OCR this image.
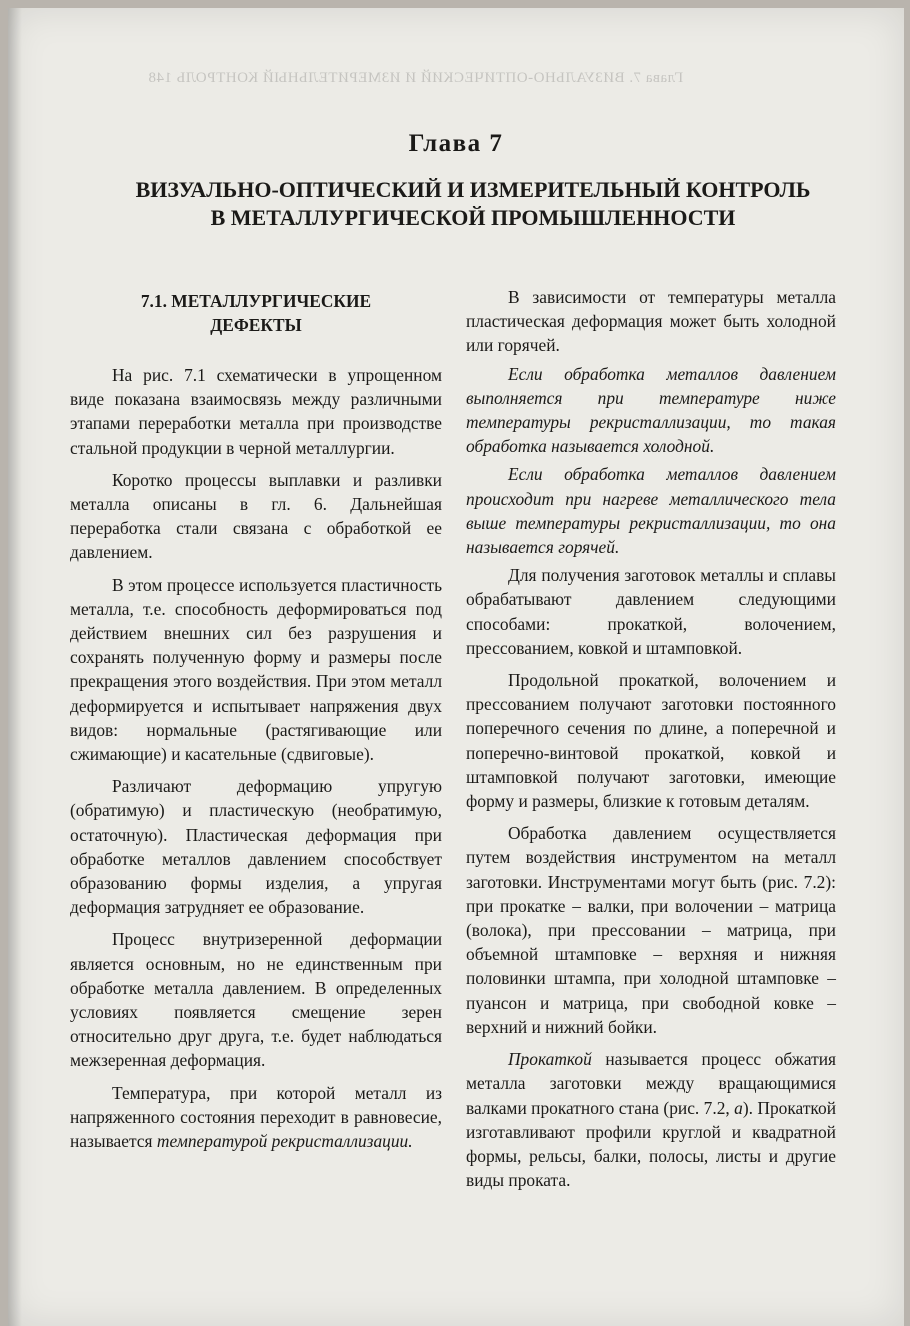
Глава 7. ВИЗУАЛЬНО-ОПТИЧЕСКИЙ И ИЗМЕРИТЕЛЬНЫЙ КОНТРОЛЬ 148
Глава 7
ВИЗУАЛЬНО-ОПТИЧЕСКИЙ И ИЗМЕРИТЕЛЬНЫЙ КОНТРОЛЬ
В МЕТАЛЛУРГИЧЕСКОЙ ПРОМЫШЛЕННОСТИ
7.1. МЕТАЛЛУРГИЧЕСКИЕ
ДЕФЕКТЫ

На рис. 7.1 схематически в упрощенном виде показана взаимосвязь между различными этапами переработки металла при производстве стальной продукции в черной металлургии.

Коротко процессы выплавки и разливки металла описаны в гл. 6. Дальнейшая переработка стали связана с обработкой ее давлением.

В этом процессе используется пластичность металла, т.е. способность деформироваться под действием внешних сил без разрушения и сохранять полученную форму и размеры после прекращения этого воздействия. При этом металл деформируется и испытывает напряжения двух видов: нормальные (растягивающие или сжимающие) и касательные (сдвиговые).

Различают деформацию упругую (обратимую) и пластическую (необратимую, остаточную). Пластическая деформация при обработке металлов давлением способствует образованию формы изделия, а упругая деформация затрудняет ее образование.

Процесс внутризеренной деформации является основным, но не единственным при обработке металла давлением. В определенных условиях появляется смещение зерен относительно друг друга, т.е. будет наблюдаться межзеренная деформация.

Температура, при которой металл из напряженного состояния переходит в равновесие, называется температурой рекристаллизации.

В зависимости от температуры металла пластическая деформация может быть холодной или горячей.

Если обработка металлов давлением выполняется при температуре ниже температуры рекристаллизации, то такая обработка называется холодной.

Если обработка металлов давлением происходит при нагреве металлического тела выше температуры рекристаллизации, то она называется горячей.

Для получения заготовок металлы и сплавы обрабатывают давлением следующими способами: прокаткой, волочением, прессованием, ковкой и штамповкой.

Продольной прокаткой, волочением и прессованием получают заготовки постоянного поперечного сечения по длине, а поперечной и поперечно-винтовой прокаткой, ковкой и штамповкой получают заготовки, имеющие форму и размеры, близкие к готовым деталям.

Обработка давлением осуществляется путем воздействия инструментом на металл заготовки. Инструментами могут быть (рис. 7.2): при прокатке – валки, при волочении – матрица (волока), при прессовании – матрица, при объемной штамповке – верхняя и нижняя половинки штампа, при холодной штамповке – пуансон и матрица, при свободной ковке – верхний и нижний бойки.

Прокаткой называется процесс обжатия металла заготовки между вращающимися валками прокатного стана (рис. 7.2, а). Прокаткой изготавливают профили круглой и квадратной формы, рельсы, балки, полосы, листы и другие виды проката.
